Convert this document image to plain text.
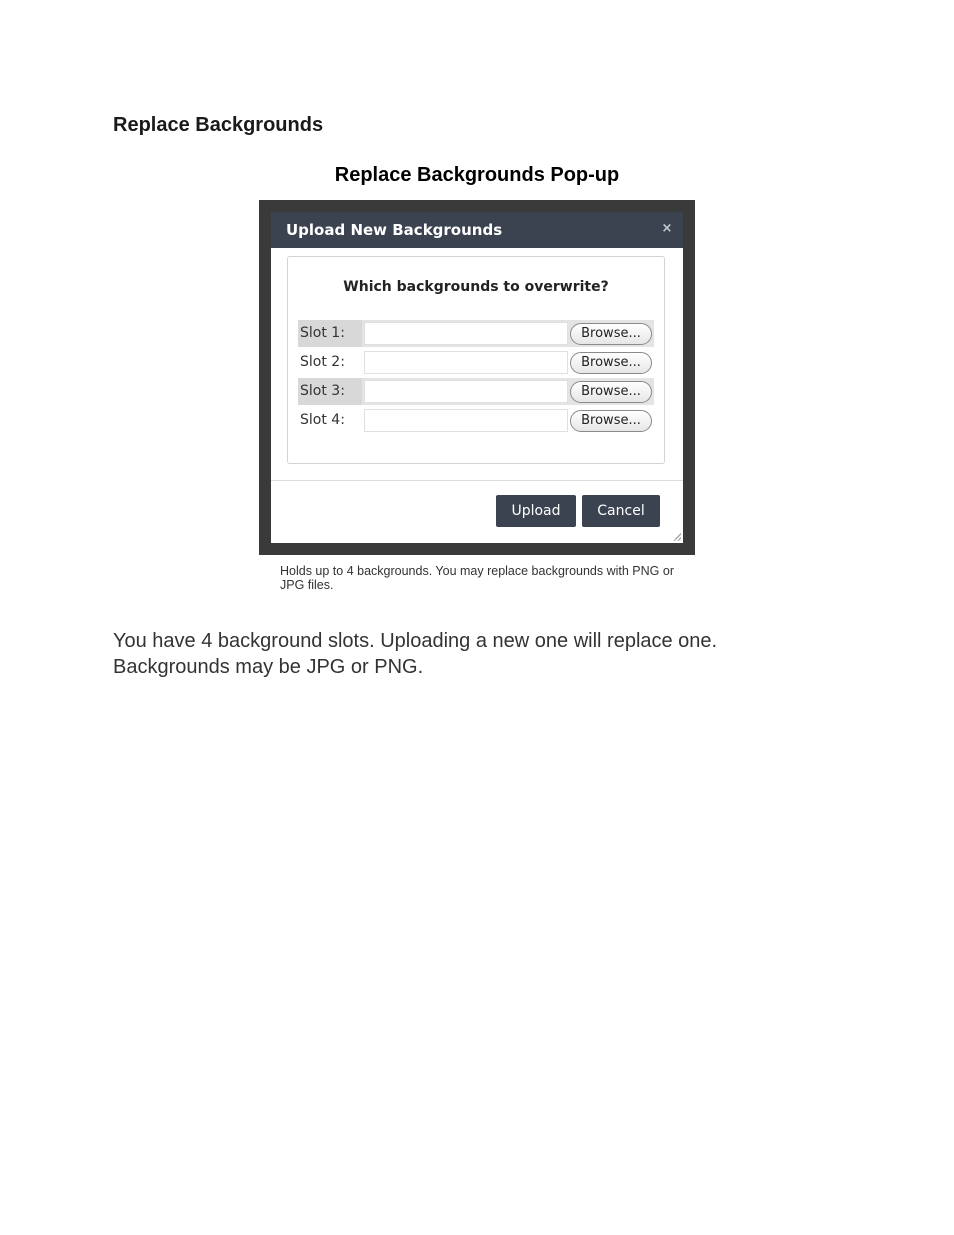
Replace Backgrounds

Replace Backgrounds Pop-up

Upload New Backgrounds	×
Which backgrounds to overwrite?
Slot 1:	Browse...
Slot 2:	Browse...
Slot 3:	Browse...
Slot 4:	Browse...
Upload	Cancel

Holds up to 4 backgrounds. You may replace backgrounds with PNG or JPG files.

You have 4 background slots. Uploading a new one will replace one.
Backgrounds may be JPG or PNG.
